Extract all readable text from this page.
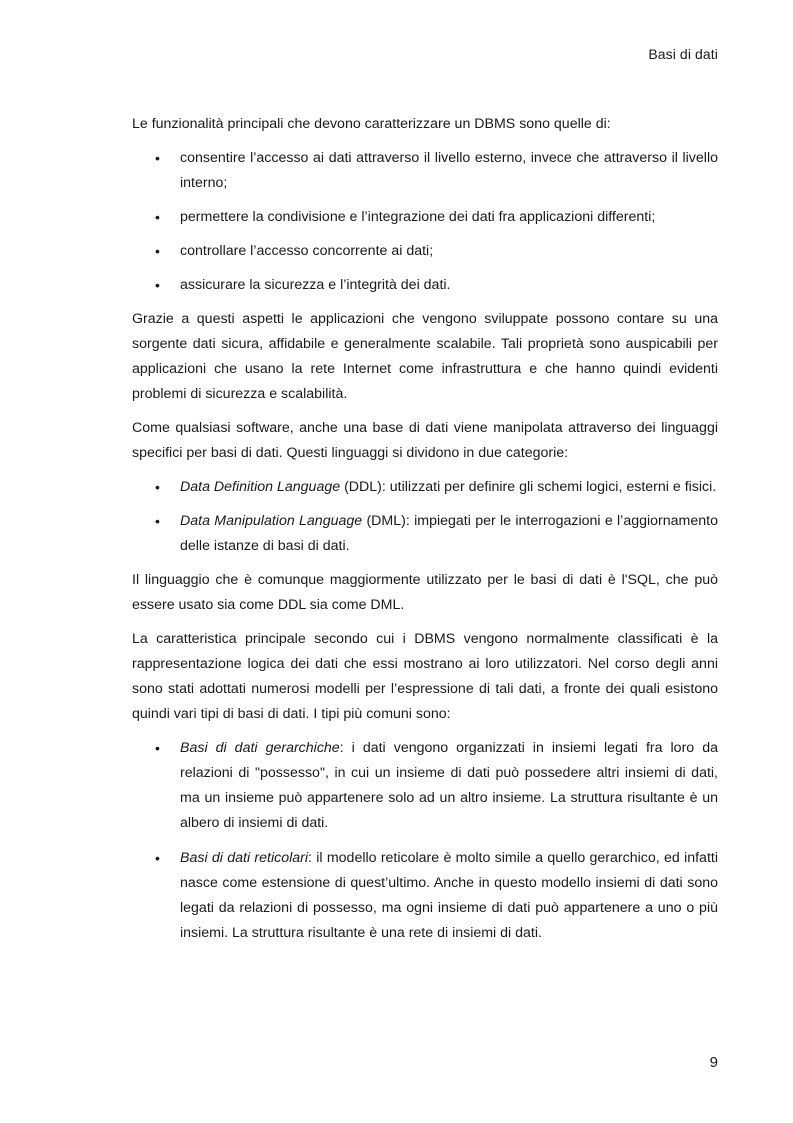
Basi di dati

Le funzionalità principali che devono caratterizzare un DBMS sono quelle di:

• consentire l’accesso ai dati attraverso il livello esterno, invece che attraverso il livello interno;
• permettere la condivisione e l’integrazione dei dati fra applicazioni differenti;
• controllare l’accesso concorrente ai dati;
• assicurare la sicurezza e l’integrità dei dati.

Grazie a questi aspetti le applicazioni che vengono sviluppate possono contare su una sorgente dati sicura, affidabile e generalmente scalabile. Tali proprietà sono auspicabili per applicazioni che usano la rete Internet come infrastruttura e che hanno quindi evidenti problemi di sicurezza e scalabilità.

Come qualsiasi software, anche una base di dati viene manipolata attraverso dei linguaggi specifici per basi di dati. Questi linguaggi si dividono in due categorie:

• Data Definition Language (DDL): utilizzati per definire gli schemi logici, esterni e fisici.
• Data Manipulation Language (DML): impiegati per le interrogazioni e l’aggiornamento delle istanze di basi di dati.

Il linguaggio che è comunque maggiormente utilizzato per le basi di dati è l'SQL, che può essere usato sia come DDL sia come DML.

La caratteristica principale secondo cui i DBMS vengono normalmente classificati è la rappresentazione logica dei dati che essi mostrano ai loro utilizzatori. Nel corso degli anni sono stati adottati numerosi modelli per l’espressione di tali dati, a fronte dei quali esistono quindi vari tipi di basi di dati. I tipi più comuni sono:

• Basi di dati gerarchiche: i dati vengono organizzati in insiemi legati fra loro da relazioni di "possesso", in cui un insieme di dati può possedere altri insiemi di dati, ma un insieme può appartenere solo ad un altro insieme. La struttura risultante è un albero di insiemi di dati.
• Basi di dati reticolari: il modello reticolare è molto simile a quello gerarchico, ed infatti nasce come estensione di quest’ultimo. Anche in questo modello insiemi di dati sono legati da relazioni di possesso, ma ogni insieme di dati può appartenere a uno o più insiemi. La struttura risultante è una rete di insiemi di dati.
9
